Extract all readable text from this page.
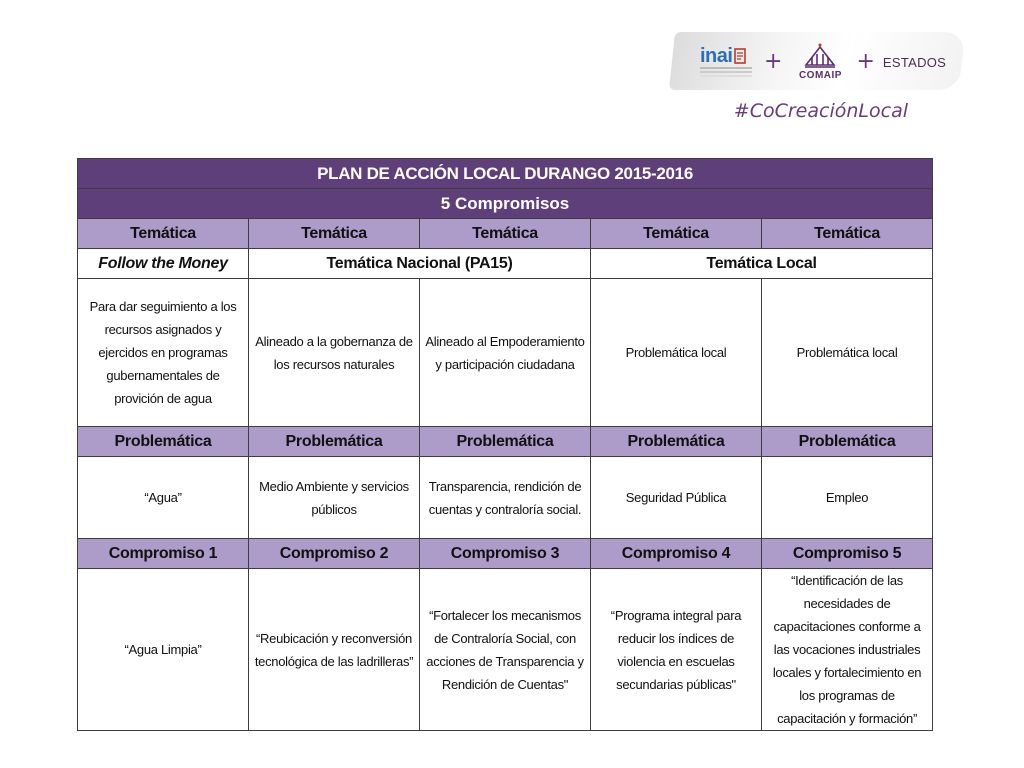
inai +
COMAIP
+ ESTADOS
#CoCreaciónLocal
PLAN DE ACCIÓN LOCAL DURANGO 2015-2016				
5 Compromisos				
Temática	Temática	Temática	Temática	Temática
Follow the Money	Temática Nacional (PA15)		Temática Local	
Para dar seguimiento a los recursos asignados y ejercidos en programas gubernamentales de provición de agua	Alineado a la gobernanza de los recursos naturales	Alineado al Empoderamiento y participación ciudadana	Problemática local	Problemática local
Problemática	Problemática	Problemática	Problemática	Problemática
“Agua”	Medio Ambiente y servicios públicos	Transparencia, rendición de cuentas y contraloría social.	Seguridad Pública	Empleo
Compromiso 1	Compromiso 2	Compromiso 3	Compromiso 4	Compromiso 5
“Agua Limpia”	“Reubicación y reconversión tecnológica de las ladrilleras”	“Fortalecer los mecanismos de Contraloría Social, con acciones de Transparencia y Rendición de Cuentas"	“Programa integral para reducir los índices de violencia en escuelas secundarias públicas"	“Identificación de las necesidades de capacitaciones conforme a las vocaciones industriales locales y fortalecimiento en los programas de capacitación y formación”
